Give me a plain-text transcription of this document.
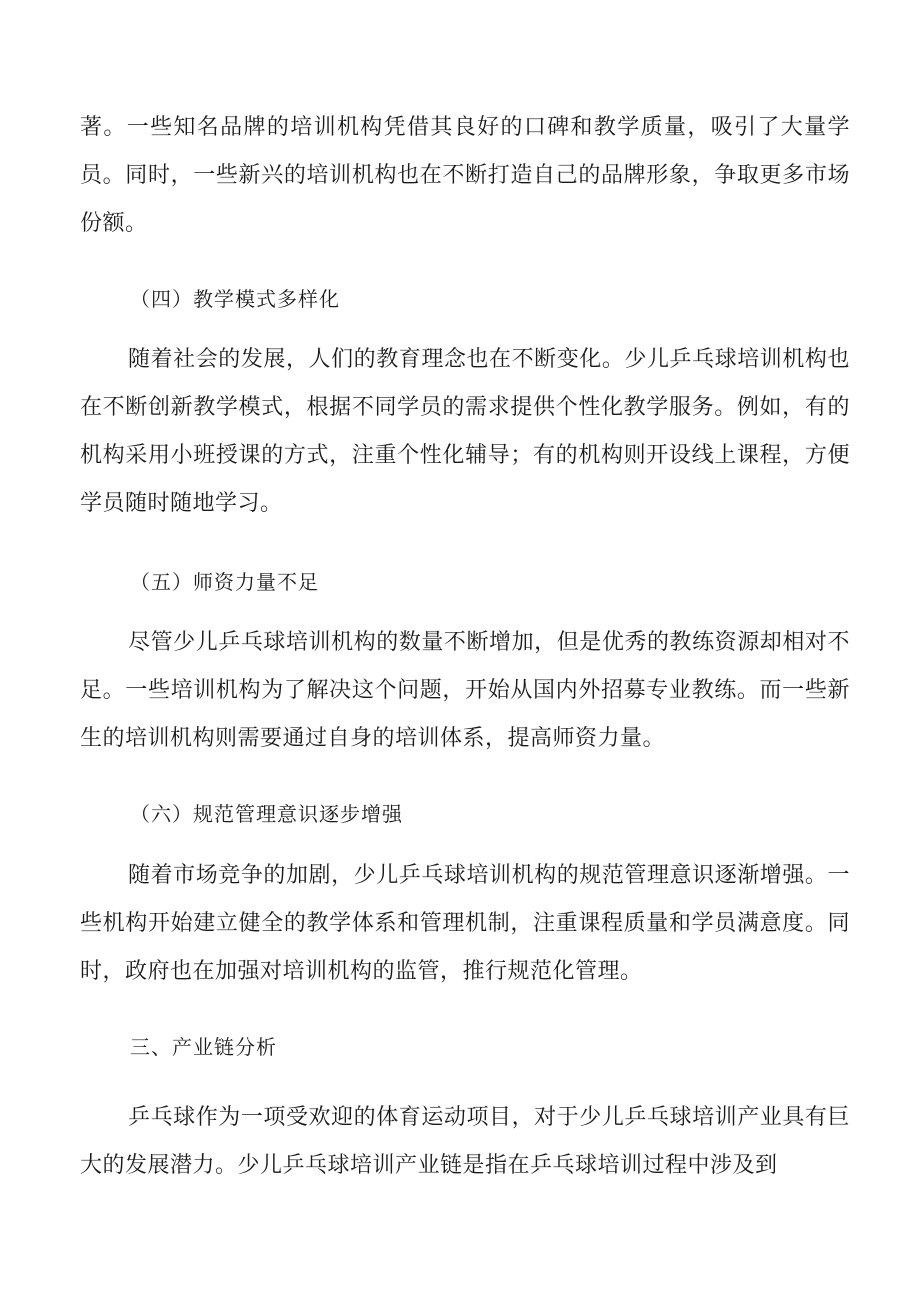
著。一些知名品牌的培训机构凭借其良好的口碑和教学质量，吸引了大量学员。同时，一些新兴的培训机构也在不断打造自己的品牌形象，争取更多市场份额。

（四）教学模式多样化

随着社会的发展，人们的教育理念也在不断变化。少儿乒乓球培训机构也在不断创新教学模式，根据不同学员的需求提供个性化教学服务。例如，有的机构采用小班授课的方式，注重个性化辅导；有的机构则开设线上课程，方便学员随时随地学习。

（五）师资力量不足

尽管少儿乒乓球培训机构的数量不断增加，但是优秀的教练资源却相对不足。一些培训机构为了解决这个问题，开始从国内外招募专业教练。而一些新生的培训机构则需要通过自身的培训体系，提高师资力量。

（六）规范管理意识逐步增强

随着市场竞争的加剧，少儿乒乓球培训机构的规范管理意识逐渐增强。一些机构开始建立健全的教学体系和管理机制，注重课程质量和学员满意度。同时，政府也在加强对培训机构的监管，推行规范化管理。

三、产业链分析

乒乓球作为一项受欢迎的体育运动项目，对于少儿乒乓球培训产业具有巨大的发展潜力。少儿乒乓球培训产业链是指在乒乓球培训过程中涉及到
